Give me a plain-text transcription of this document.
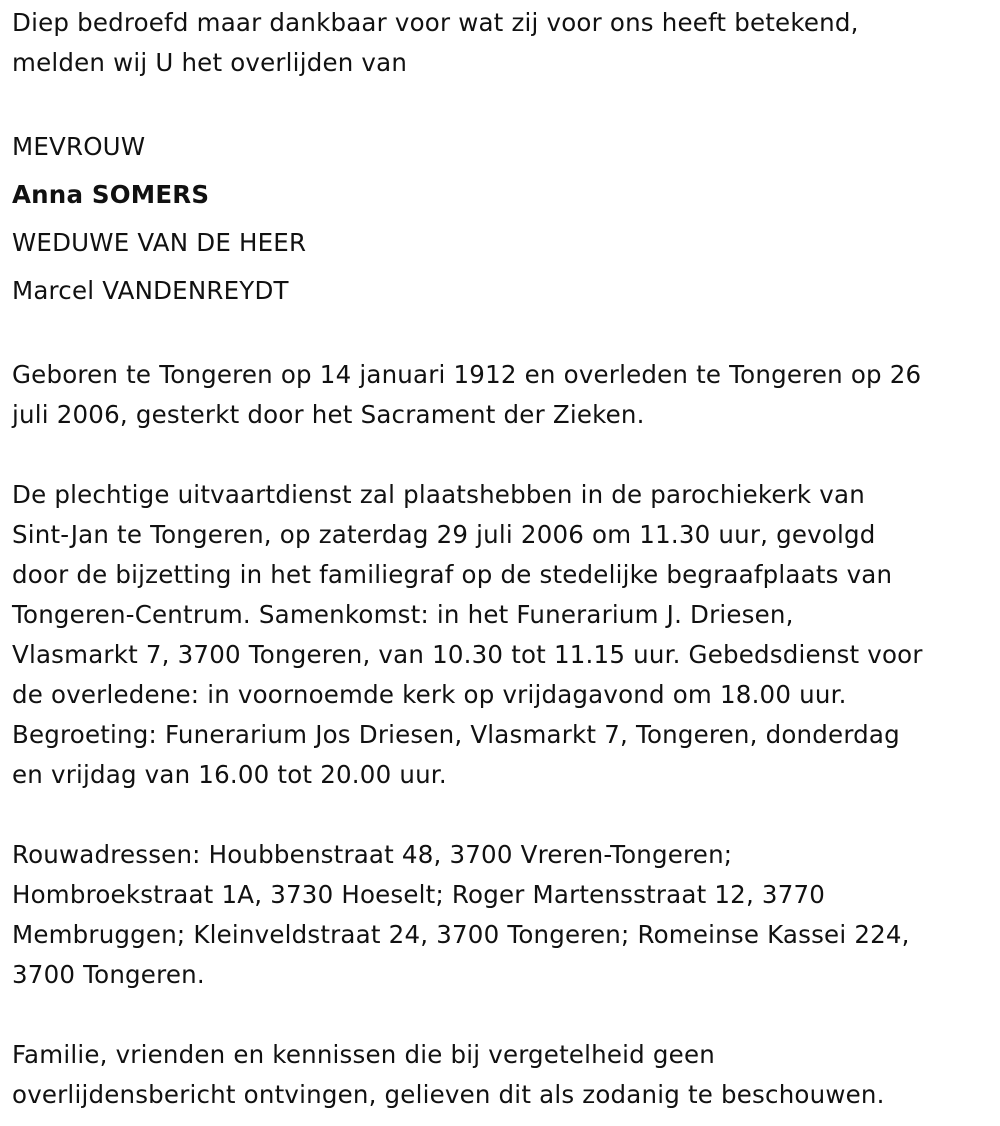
Diep bedroefd maar dankbaar voor wat zij voor ons heeft betekend,
melden wij U het overlijden van
MEVROUW
Anna SOMERS
WEDUWE VAN DE HEER
Marcel VANDENREYDT
Geboren te Tongeren op 14 januari 1912 en overleden te Tongeren op 26
juli 2006, gesterkt door het Sacrament der Zieken.
De plechtige uitvaartdienst zal plaatshebben in de parochiekerk van
Sint-Jan te Tongeren, op zaterdag 29 juli 2006 om 11.30 uur, gevolgd
door de bijzetting in het familiegraf op de stedelijke begraafplaats van
Tongeren-Centrum. Samenkomst: in het Funerarium J. Driesen,
Vlasmarkt 7, 3700 Tongeren, van 10.30 tot 11.15 uur. Gebedsdienst voor
de overledene: in voornoemde kerk op vrijdagavond om 18.00 uur.
Begroeting: Funerarium Jos Driesen, Vlasmarkt 7, Tongeren, donderdag
en vrijdag van 16.00 tot 20.00 uur.
Rouwadressen: Houbbenstraat 48, 3700 Vreren-Tongeren;
Hombroekstraat 1A, 3730 Hoeselt; Roger Martensstraat 12, 3770
Membruggen; Kleinveldstraat 24, 3700 Tongeren; Romeinse Kassei 224,
3700 Tongeren.
Familie, vrienden en kennissen die bij vergetelheid geen
overlijdensbericht ontvingen, gelieven dit als zodanig te beschouwen.
